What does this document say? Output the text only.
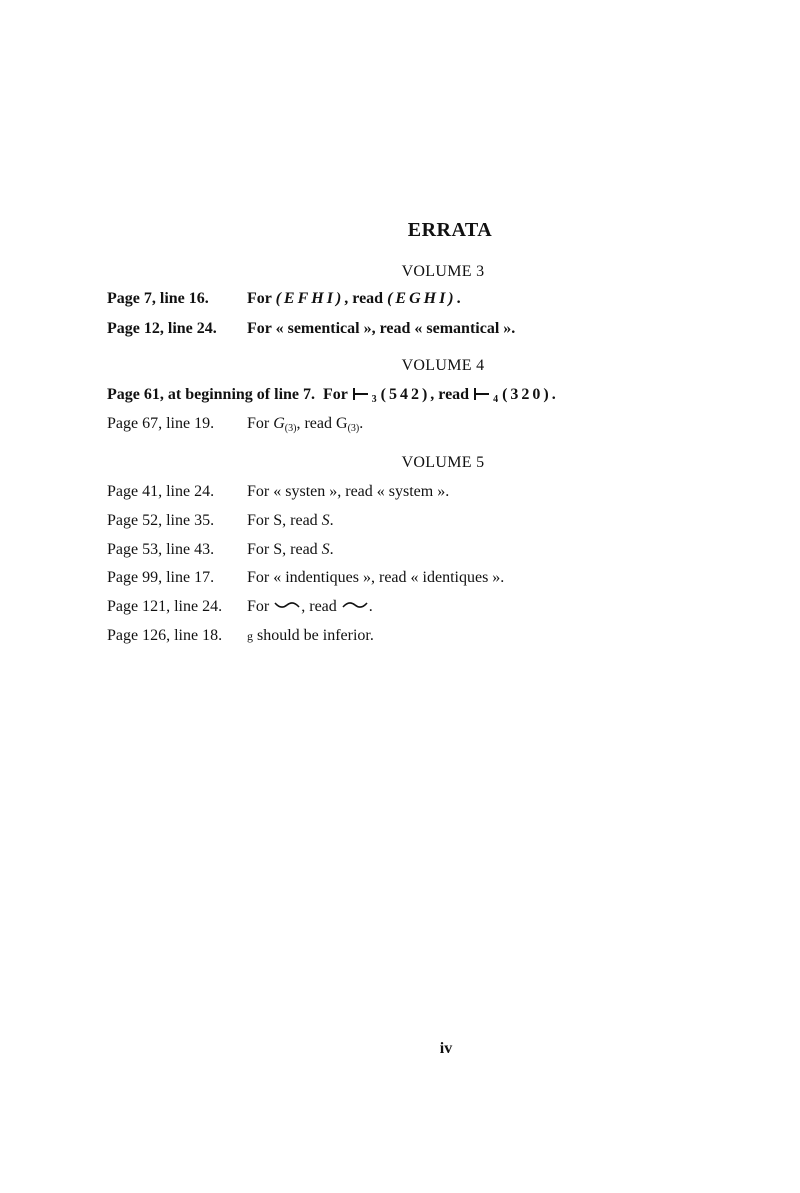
ERRATA
VOLUME 3
Page 7, line 16. For (EFHI), read (EGHI).
Page 12, line 24. For « sementical », read « semantical ».
VOLUME 4
Page 61, at beginning of line 7. For $_3$ (542), read $_4$ (320).
Page 67, line 19. For $G_{(3)}$, read $G_{(3)}$.
VOLUME 5
Page 41, line 24. For « systen », read « system ».
Page 52, line 35. For S, read S.
Page 53, line 43. For S, read S.
Page 99, line 17. For « indentiques », read « identiques ».
Page 121, line 24. For , read .
Page 126, line 18. g should be inferior.
iv
